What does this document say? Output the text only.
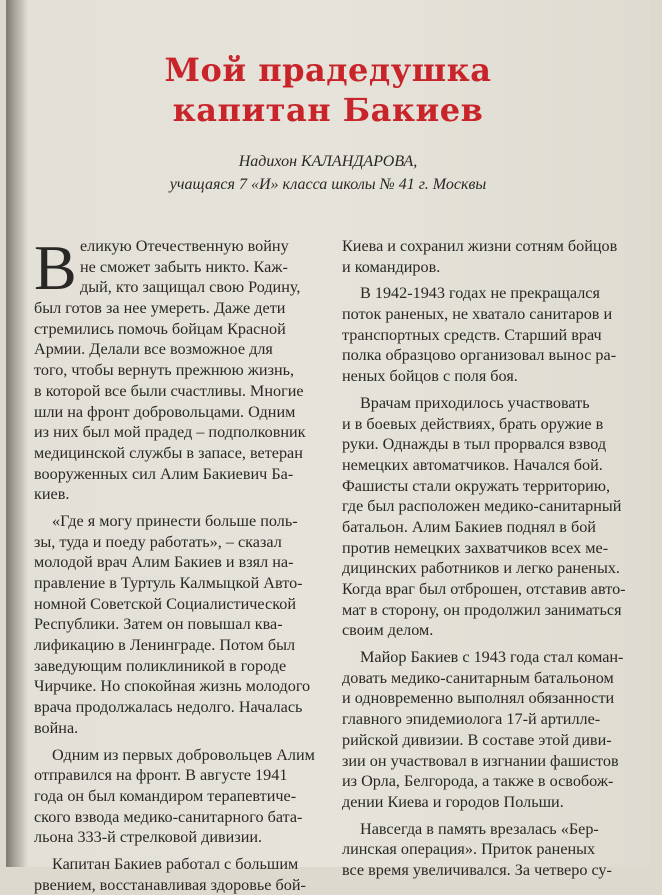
Мой прадедушка
капитан Бакиев
Надихон КАЛАНДАРОВА,
учащаяся 7 «И» класса школы № 41 г. Москвы
В еликую Отечественную войну
не сможет забыть никто. Каж-
дый, кто защищал свою Родину,
был готов за нее умереть. Даже дети
стремились помочь бойцам Красной
Армии. Делали все возможное для
того, чтобы вернуть прежнюю жизнь,
в которой все были счастливы. Многие
шли на фронт добровольцами. Одним
из них был мой прадед – подполковник
медицинской службы в запасе, ветеран
вооруженных сил Алим Бакиевич Ба-
киев.
«Где я могу принести больше поль-
зы, туда и поеду работать», – сказал
молодой врач Алим Бакиев и взял на-
правление в Туртуль Калмыцкой Авто-
номной Советской Социалистической
Республики. Затем он повышал ква-
лификацию в Ленинграде. Потом был
заведующим поликлиникой в городе
Чирчике. Но спокойная жизнь молодого
врача продолжалась недолго. Началась
война.
Одним из первых добровольцев Алим
отправился на фронт. В августе 1941
года он был командиром терапевтиче-
ского взвода медико-санитарного бата-
льона 333-й стрелковой дивизии.
Капитан Бакиев работал с большим
рвением, восстанавливая здоровье бой-
Киева и сохранил жизни сотням бойцов
и командиров.
В 1942-1943 годах не прекращался
поток раненых, не хватало санитаров и
транспортных средств. Старший врач
полка образцово организовал вынос ра-
неных бойцов с поля боя.
Врачам приходилось участвовать
и в боевых действиях, брать оружие в
руки. Однажды в тыл прорвался взвод
немецких автоматчиков. Начался бой.
Фашисты стали окружать территорию,
где был расположен медико-санитарный
батальон. Алим Бакиев поднял в бой
против немецких захватчиков всех ме-
дицинских работников и легко раненых.
Когда враг был отброшен, отставив авто-
мат в сторону, он продолжил заниматься
своим делом.
Майор Бакиев с 1943 года стал коман-
довать медико-санитарным батальоном
и одновременно выполнял обязанности
главного эпидемиолога 17-й артилле-
рийской дивизии. В составе этой диви-
зии он участвовал в изгнании фашистов
из Орла, Белгорода, а также в освобож-
дении Киева и городов Польши.
Навсегда в память врезалась «Бер-
линская операция». Приток раненых
все время увеличивался. За четверо су-
